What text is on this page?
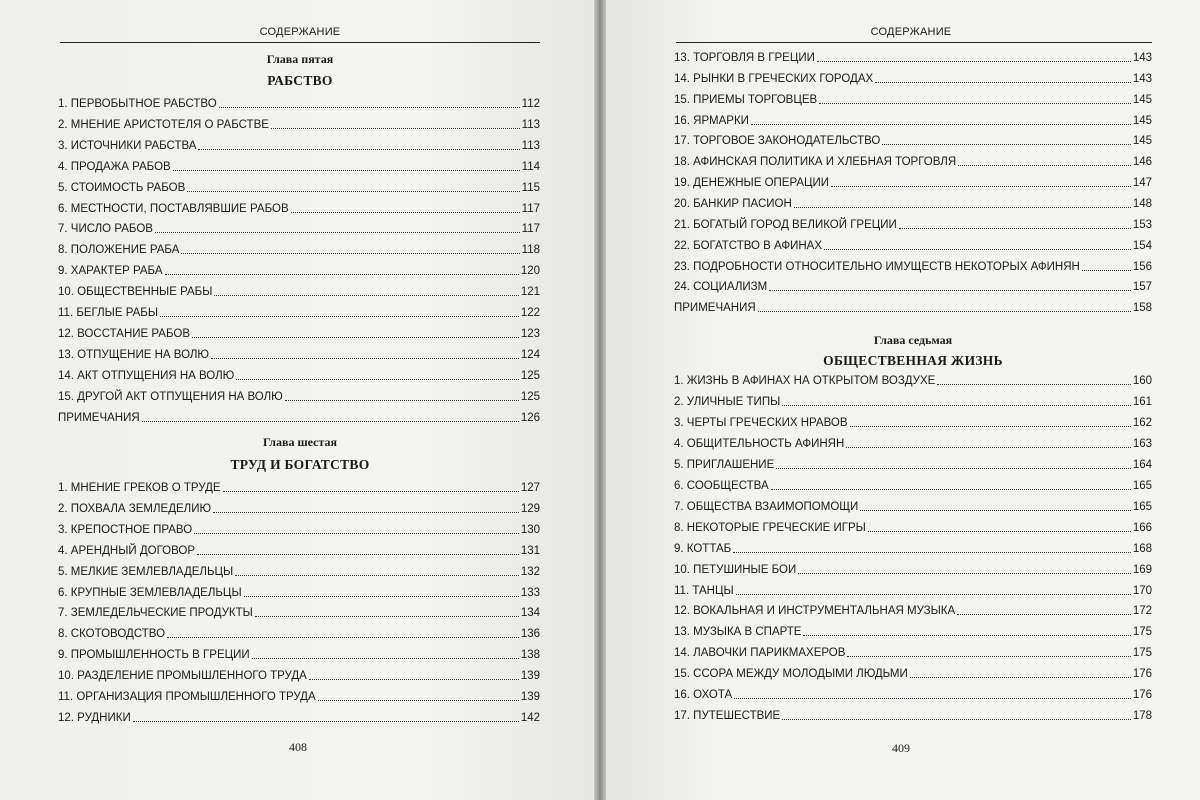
СОДЕРЖАНИЕ
Глава пятая
РАБСТВО
1. ПЕРВОБЫТНОЕ РАБСТВО	112
2. МНЕНИЕ АРИСТОТЕЛЯ О РАБСТВЕ	113
3. ИСТОЧНИКИ РАБСТВА	113
4. ПРОДАЖА РАБОВ	114
5. СТОИМОСТЬ РАБОВ	115
6. МЕСТНОСТИ, ПОСТАВЛЯВШИЕ РАБОВ	117
7. ЧИСЛО РАБОВ	117
8. ПОЛОЖЕНИЕ РАБА	118
9. ХАРАКТЕР РАБА	120
10. ОБЩЕСТВЕННЫЕ РАБЫ	121
11. БЕГЛЫЕ РАБЫ	122
12. ВОССТАНИЕ РАБОВ	123
13. ОТПУЩЕНИЕ НА ВОЛЮ	124
14. АКТ ОТПУЩЕНИЯ НА ВОЛЮ	125
15. ДРУГОЙ АКТ ОТПУЩЕНИЯ НА ВОЛЮ	125
ПРИМЕЧАНИЯ	126
Глава шестая
ТРУД И БОГАТСТВО
1. МНЕНИЕ ГРЕКОВ О ТРУДЕ	127
2. ПОХВАЛА ЗЕМЛЕДЕЛИЮ	129
3. КРЕПОСТНОЕ ПРАВО	130
4. АРЕНДНЫЙ ДОГОВОР	131
5. МЕЛКИЕ ЗЕМЛЕВЛАДЕЛЬЦЫ	132
6. КРУПНЫЕ ЗЕМЛЕВЛАДЕЛЬЦЫ	133
7. ЗЕМЛЕДЕЛЬЧЕСКИЕ ПРОДУКТЫ	134
8. СКОТОВОДСТВО	136
9. ПРОМЫШЛЕННОСТЬ В ГРЕЦИИ	138
10. РАЗДЕЛЕНИЕ ПРОМЫШЛЕННОГО ТРУДА	139
11. ОРГАНИЗАЦИЯ ПРОМЫШЛЕННОГО ТРУДА	139
12. РУДНИКИ	142
408
СОДЕРЖАНИЕ
13. ТОРГОВЛЯ В ГРЕЦИИ	143
14. РЫНКИ В ГРЕЧЕСКИХ ГОРОДАХ	143
15. ПРИЕМЫ ТОРГОВЦЕВ	145
16. ЯРМАРКИ	145
17. ТОРГОВОЕ ЗАКОНОДАТЕЛЬСТВО	145
18. АФИНСКАЯ ПОЛИТИКА И ХЛЕБНАЯ ТОРГОВЛЯ	146
19. ДЕНЕЖНЫЕ ОПЕРАЦИИ	147
20. БАНКИР ПАСИОН	148
21. БОГАТЫЙ ГОРОД ВЕЛИКОЙ ГРЕЦИИ	153
22. БОГАТСТВО В АФИНАХ	154
23. ПОДРОБНОСТИ ОТНОСИТЕЛЬНО ИМУЩЕСТВ НЕКОТОРЫХ АФИНЯН	156
24. СОЦИАЛИЗМ	157
ПРИМЕЧАНИЯ	158
Глава седьмая
ОБЩЕСТВЕННАЯ ЖИЗНЬ
1. ЖИЗНЬ В АФИНАХ НА ОТКРЫТОМ ВОЗДУХЕ	160
2. УЛИЧНЫЕ ТИПЫ	161
3. ЧЕРТЫ ГРЕЧЕСКИХ НРАВОВ	162
4. ОБЩИТЕЛЬНОСТЬ АФИНЯН	163
5. ПРИГЛАШЕНИЕ	164
6. СООБЩЕСТВА	165
7. ОБЩЕСТВА ВЗАИМОПОМОЩИ	165
8. НЕКОТОРЫЕ ГРЕЧЕСКИЕ ИГРЫ	166
9. КОТТАБ	168
10. ПЕТУШИНЫЕ БОИ	169
11. ТАНЦЫ	170
12. ВОКАЛЬНАЯ И ИНСТРУМЕНТАЛЬНАЯ МУЗЫКА	172
13. МУЗЫКА В СПАРТЕ	175
14. ЛАВОЧКИ ПАРИКМАХЕРОВ	175
15. ССОРА МЕЖДУ МОЛОДЫМИ ЛЮДЬМИ	176
16. ОХОТА	176
17. ПУТЕШЕСТВИЕ	178
409
